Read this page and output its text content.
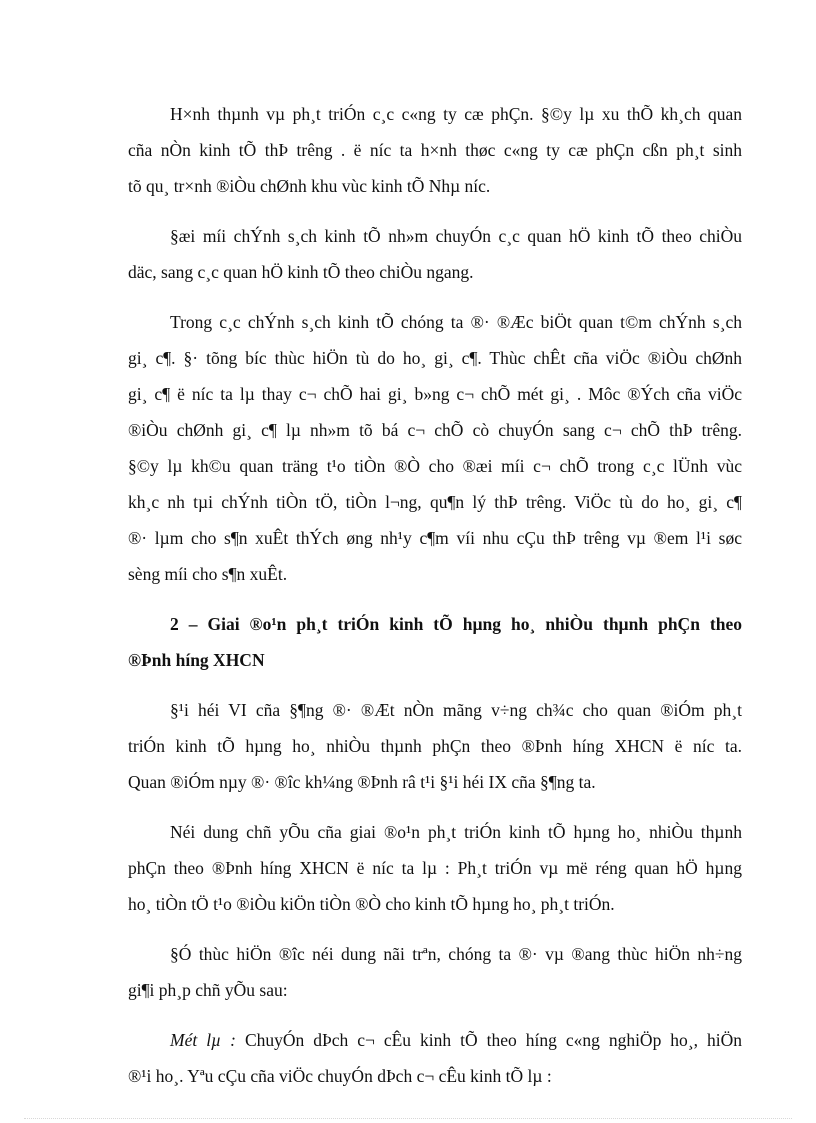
H×nh thµnh vµ ph¸t triÓn c¸c c«ng ty cæ phÇn. §©y lµ xu thÕ kh¸ch quan
cña nÒn kinh tÕ thÞ trêng . ë níc ta h×nh thøc c«ng ty cæ phÇn cßn ph¸t sinh
tõ qu¸ tr×nh ®iÒu chØnh khu vùc kinh tÕ Nhµ níc.
§æi míi chÝnh s¸ch kinh tÕ nh»m chuyÓn c¸c quan hÖ kinh tÕ theo chiÒu
däc, sang c¸c quan hÖ kinh tÕ theo chiÒu ngang.
Trong c¸c chÝnh s¸ch kinh tÕ chóng ta ®· ®Æc biÖt quan t©m chÝnh s¸ch
gi¸ c¶. §· tõng bíc thùc hiÖn tù do ho¸ gi¸ c¶. Thùc chÊt cña viÖc ®iÒu chØnh
gi¸ c¶ ë níc ta lµ thay c¬ chÕ hai gi¸ b»ng c¬ chÕ mét gi¸ . Môc ®Ých cña viÖc
®iÒu chØnh gi¸ c¶ lµ nh»m tõ bá c¬ chÕ cò chuyÓn sang c¬ chÕ thÞ trêng.
§©y lµ kh©u quan träng t¹o tiÒn ®Ò cho ®æi míi c¬ chÕ trong c¸c lÜnh vùc
kh¸c nh tµi chÝnh tiÒn tÖ, tiÒn l¬ng, qu¶n lý thÞ trêng. ViÖc tù do ho¸ gi¸ c¶
®· lµm cho s¶n xuÊt thÝch øng nh¹y c¶m víi nhu cÇu thÞ trêng vµ ®em l¹i søc
sèng míi cho s¶n xuÊt.
2 – Giai ®o¹n ph¸t triÓn kinh tÕ hµng ho¸ nhiÒu thµnh phÇn theo
®Þnh híng XHCN
§¹i héi VI cña §¶ng ®· ®Æt nÒn mãng v÷ng ch¾c cho quan ®iÓm ph¸t
triÓn kinh tÕ hµng ho¸ nhiÒu thµnh phÇn theo ®Þnh híng XHCN ë níc ta.
Quan ®iÓm nµy ®· ®îc kh¼ng ®Þnh râ t¹i §¹i héi IX cña §¶ng ta.
Néi dung chñ yÕu cña giai ®o¹n ph¸t triÓn kinh tÕ hµng ho¸ nhiÒu thµnh
phÇn theo ®Þnh híng XHCN ë níc ta lµ : Ph¸t triÓn vµ më réng quan hÖ hµng
ho¸ tiÒn tÖ t¹o ®iÒu kiÖn tiÒn ®Ò cho kinh tÕ hµng ho¸ ph¸t triÓn.
§Ó thùc hiÖn ®îc néi dung nãi trªn, chóng ta ®· vµ ®ang thùc hiÖn nh÷ng
gi¶i ph¸p chñ yÕu sau:
Mét lµ : ChuyÓn dÞch c¬ cÊu kinh tÕ theo híng c«ng nghiÖp ho¸, hiÖn
®¹i ho¸. Yªu cÇu cña viÖc chuyÓn dÞch c¬ cÊu kinh tÕ lµ :
